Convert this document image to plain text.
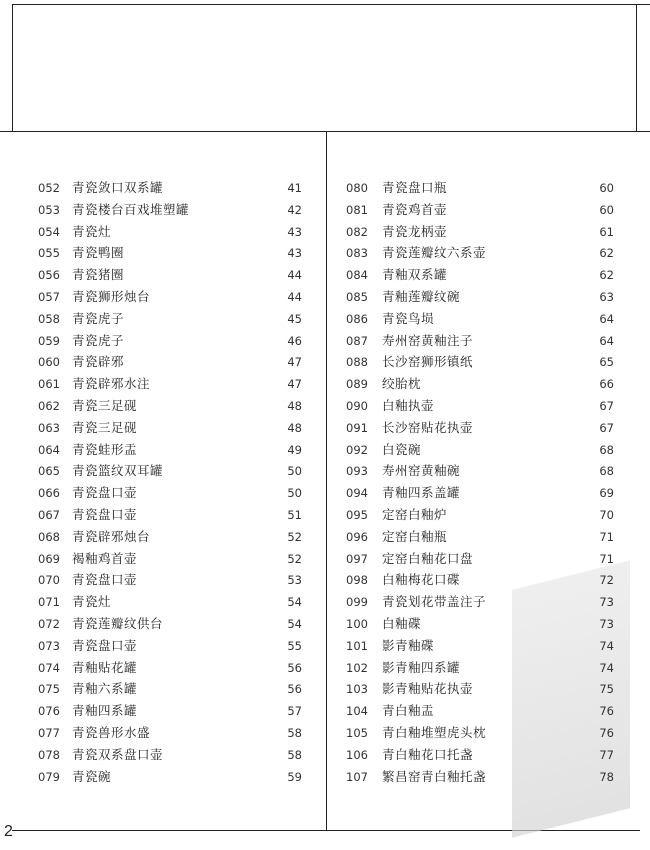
052 青瓷敛口双系罐	41
053 青瓷楼台百戏堆塑罐	42
054 青瓷灶	43
055 青瓷鸭圈	43
056 青瓷猪圈	44
057 青瓷狮形烛台	44
058 青瓷虎子	45
059 青瓷虎子	46
060 青瓷辟邪	47
061 青瓷辟邪水注	47
062 青瓷三足砚	48
063 青瓷三足砚	48
064 青瓷蛙形盂	49
065 青瓷篮纹双耳罐	50
066 青瓷盘口壶	50
067 青瓷盘口壶	51
068 青瓷辟邪烛台	52
069 褐釉鸡首壶	52
070 青瓷盘口壶	53
071 青瓷灶	54
072 青瓷莲瓣纹供台	54
073 青瓷盘口壶	55
074 青釉贴花罐	56
075 青釉六系罐	56
076 青釉四系罐	57
077 青瓷兽形水盛	58
078 青瓷双系盘口壶	58
079 青瓷碗	59
080 青瓷盘口瓶	60
081 青瓷鸡首壶	60
082 青瓷龙柄壶	61
083 青瓷莲瓣纹六系壶	62
084 青釉双系罐	62
085 青釉莲瓣纹碗	63
086 青瓷鸟埙	64
087 寿州窑黄釉注子	64
088 长沙窑狮形镇纸	65
089 绞胎枕	66
090 白釉执壶	67
091 长沙窑贴花执壶	67
092 白瓷碗	68
093 寿州窑黄釉碗	68
094 青釉四系盖罐	69
095 定窑白釉炉	70
096 定窑白釉瓶	71
097 定窑白釉花口盘	71
098 白釉梅花口碟	72
099 青瓷划花带盖注子	73
100 白釉碟	73
101 影青釉碟	74
102 影青釉四系罐	74
103 影青釉贴花执壶	75
104 青白釉盂	76
105 青白釉堆塑虎头枕	76
106 青白釉花口托盏	77
107 繁昌窑青白釉托盏	78
2
